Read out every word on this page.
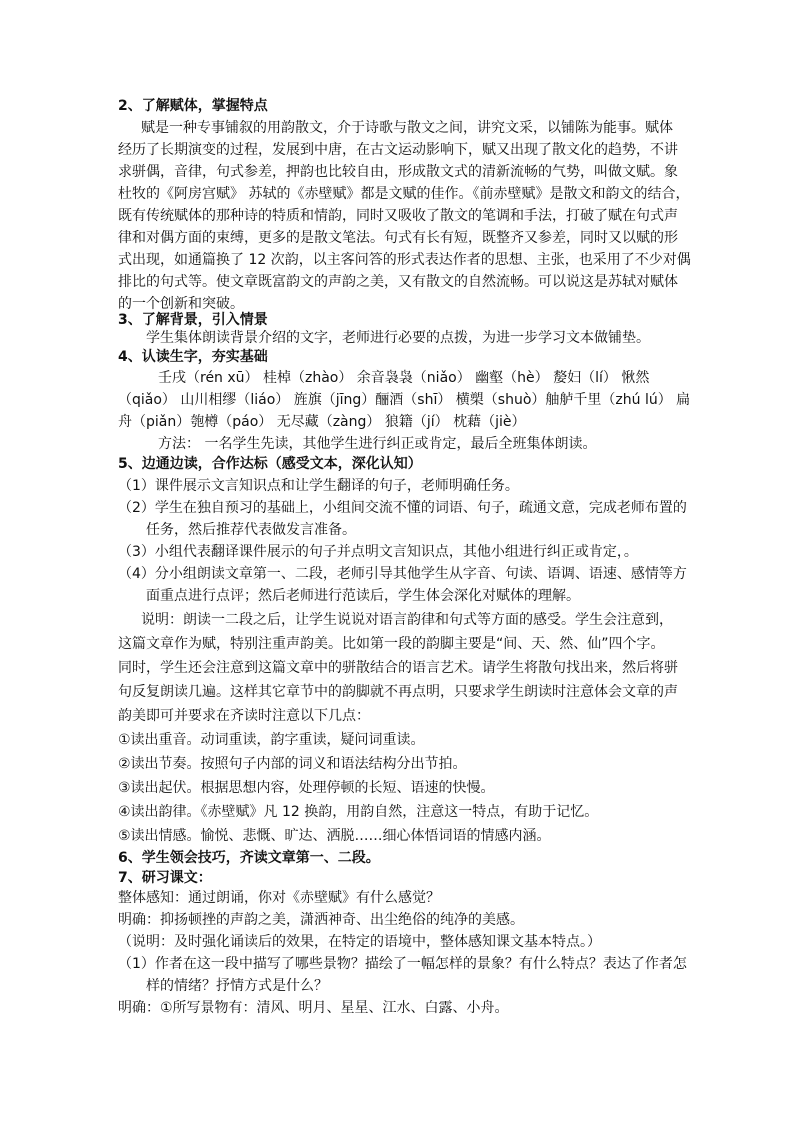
2、了解赋体，掌握特点
赋是一种专事铺叙的用韵散文，介于诗歌与散文之间，讲究文采，以铺陈为能事。赋体
经历了长期演变的过程，发展到中唐，在古文运动影响下，赋又出现了散文化的趋势，不讲
求骈偶，音律，句式参差，押韵也比较自由，形成散文式的清新流畅的气势，叫做文赋。象
杜牧的《阿房宫赋》 苏轼的《赤壁赋》都是文赋的佳作。《前赤壁赋》是散文和韵文的结合，
既有传统赋体的那种诗的特质和情韵，同时又吸收了散文的笔调和手法，打破了赋在句式声
律和对偶方面的束缚，更多的是散文笔法。句式有长有短，既整齐又参差，同时又以赋的形
式出现，如通篇换了 12 次韵，以主客问答的形式表达作者的思想、主张，也采用了不少对偶
排比的句式等。使文章既富韵文的声韵之美，又有散文的自然流畅。可以说这是苏轼对赋体
的一个创新和突破。
3、了解背景，引入情景
学生集体朗读背景介绍的文字，老师进行必要的点拨，为进一步学习文本做铺垫。
4、认读生字，夯实基础
壬戌（rén xū） 桂棹（zhào） 余音袅袅（niǎo） 幽壑（hè） 嫠妇（lí） 愀然
（qiǎo） 山川相缪（liáo） 旌旗（jīng）酾酒（shī） 横槊（shuò）舳舻千里（zhú lú） 扁
舟（piǎn）匏樽（páo） 无尽藏（zàng） 狼籍（jí） 枕藉（jiè）
方法： 一名学生先读，其他学生进行纠正或肯定，最后全班集体朗读。
5、边通边读，合作达标（感受文本，深化认知）
（1）课件展示文言知识点和让学生翻译的句子，老师明确任务。
（2）学生在独自预习的基础上，小组间交流不懂的词语、句子，疏通文意，完成老师布置的
任务，然后推荐代表做发言准备。
（3）小组代表翻译课件展示的句子并点明文言知识点，其他小组进行纠正或肯定，。
（4）分小组朗读文章第一、二段，老师引导其他学生从字音、句读、语调、语速、感情等方
面重点进行点评；然后老师进行范读后，学生体会深化对赋体的理解。
说明：朗读一二段之后，让学生说说对语言韵律和句式等方面的感受。学生会注意到，
这篇文章作为赋，特别注重声韵美。比如第一段的韵脚主要是“间、天、然、仙”四个字。
同时，学生还会注意到这篇文章中的骈散结合的语言艺术。请学生将散句找出来，然后将骈
句反复朗读几遍。这样其它章节中的韵脚就不再点明，只要求学生朗读时注意体会文章的声
韵美即可并要求在齐读时注意以下几点：
①读出重音。动词重读，韵字重读，疑问词重读。
②读出节奏。按照句子内部的词义和语法结构分出节拍。
③读出起伏。根据思想内容，处理停顿的长短、语速的快慢。
④读出韵律。《赤壁赋》凡 12 换韵，用韵自然，注意这一特点，有助于记忆。
⑤读出情感。愉悦、悲慨、旷达、洒脱……细心体悟词语的情感内涵。
6、学生领会技巧，齐读文章第一、二段。
7、研习课文：
整体感知：通过朗诵，你对《赤壁赋》有什么感觉？
明确：抑扬顿挫的声韵之美，潇洒神奇、出尘绝俗的纯净的美感。
（说明：及时强化诵读后的效果，在特定的语境中，整体感知课文基本特点。）
（1）作者在这一段中描写了哪些景物？描绘了一幅怎样的景象？有什么特点？表达了作者怎
样的情绪？抒情方式是什么？
明确：①所写景物有：清风、明月、星星、江水、白露、小舟。
